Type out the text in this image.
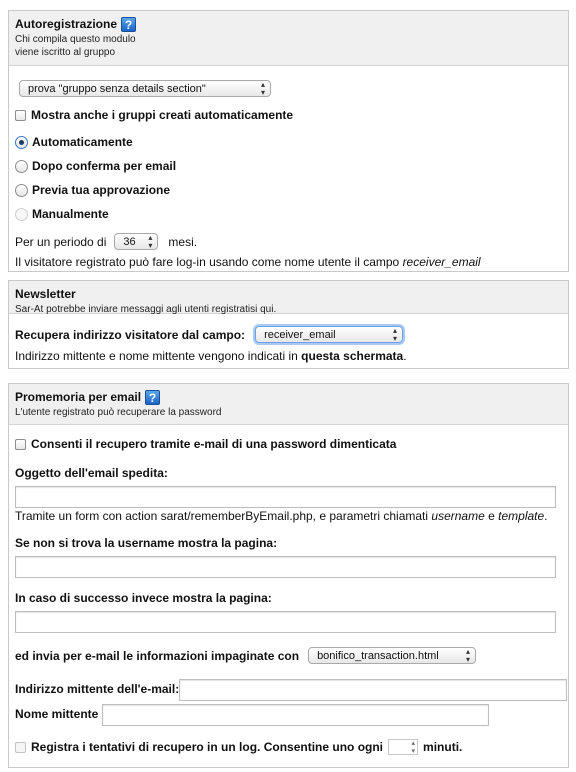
Autoregistrazione ?
Chi compila questo modulo
viene iscritto al gruppo
prova "gruppo senza details section"	▴
▾
Mostra anche i gruppi creati automaticamente
Automaticamente
Dopo conferma per email
Previa tua approvazione
Manualmente
Per un periodo di 36 ▴
▾ mesi.
Il visitatore registrato può fare log-in usando come nome utente il campo
receiver_email
Newsletter
Sar-At potrebbe inviare messaggi agli utenti registratisi qui.
Recupera indirizzo visitatore dal campo: receiver_email	▴
▾
Indirizzo mittente e nome mittente vengono indicati in
questa schermata .
Promemoria per email ?
L'utente registrato può recuperare la password
Consenti il recupero tramite e-mail di una password dimenticata
Oggetto dell'email spedita:
Tramite un form con action sarat/rememberByEmail.php, e parametri chiamati
username
e
template .
Se non si trova la username mostra la pagina:
In caso di successo invece mostra la pagina:
ed invia per e-mail le informazioni impaginate con bonifico_transaction.html	▴
▾
Indirizzo mittente dell'e-mail:
Nome mittente
Registra i tentativi di recupero in un log. Consentine uno ogni	▴
▾ minuti.
